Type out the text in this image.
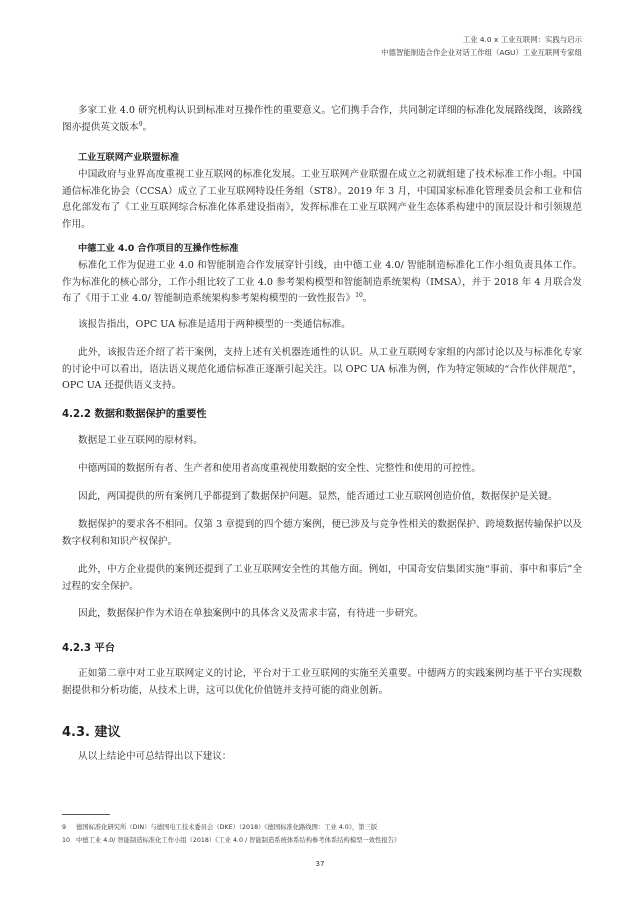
工业 4.0 x 工业互联网：实践与启示
中德智能制造合作企业对话工作组（AGU）工业互联网专家组

多家工业 4.0 研究机构认识到标准对互操作性的重要意义。它们携手合作，共同制定详细的标准化发展路线图，该路线图亦提供英文版本$^9$。

工业互联网产业联盟标准

中国政府与业界高度重视工业互联网的标准化发展。工业互联网产业联盟在成立之初就组建了技术标准工作小组。中国通信标准化协会（CCSA）成立了工业互联网特设任务组（ST8）。2019 年 3 月，中国国家标准化管理委员会和工业和信息化部发布了《工业互联网综合标准化体系建设指南》，发挥标准在工业互联网产业生态体系构建中的顶层设计和引领规范作用。

中德工业 4.0 合作项目的互操作性标准

标准化工作为促进工业 4.0 和智能制造合作发展穿针引线，由中德工业 4.0/ 智能制造标准化工作小组负责具体工作。作为标准化的核心部分，工作小组比较了工业 4.0 参考架构模型和智能制造系统架构（IMSA），并于 2018 年 4 月联合发布了《用于工业 4.0/ 智能制造系统架构参考架构模型的一致性报告》$^{10}$。

该报告指出，OPC UA 标准是适用于两种模型的一类通信标准。

此外，该报告还介绍了若干案例，支持上述有关机器连通性的认识。从工业互联网专家组的内部讨论以及与标准化专家的讨论中可以看出，语法语义规范化通信标准正逐渐引起关注。以 OPC UA 标准为例，作为特定领域的“合作伙伴规范”，OPC UA 还提供语义支持。

4.2.2 数据和数据保护的重要性

数据是工业互联网的原材料。

中德两国的数据所有者、生产者和使用者高度重视使用数据的安全性、完整性和使用的可控性。

因此，两国提供的所有案例几乎都提到了数据保护问题。显然，能否通过工业互联网创造价值，数据保护是关键。

数据保护的要求各不相同。仅第 3 章提到的四个德方案例，便已涉及与竞争性相关的数据保护、跨境数据传输保护以及数字权利和知识产权保护。

此外，中方企业提供的案例还提到了工业互联网安全性的其他方面。例如，中国奇安信集团实施“事前、事中和事后”全过程的安全保护。

因此，数据保护作为术语在单独案例中的具体含义及需求丰富，有待进一步研究。

4.2.3 平台

正如第二章中对工业互联网定义的讨论，平台对于工业互联网的实施至关重要。中德两方的实践案例均基于平台实现数据提供和分析功能，从技术上讲，这可以优化价值链并支持可能的商业创新。

4.3. 建议

从以上结论中可总结得出以下建议：

9 德国标准化研究所（DIN）与德国电工技术委员会（DKE）（2018）《德国标准化路线图：工业 4.0》，第三版
10 中德工业 4.0/ 智能制造标准化工作小组（2018）《工业 4.0 / 智能制造系统体系结构参考体系结构模型一致性报告》
37
